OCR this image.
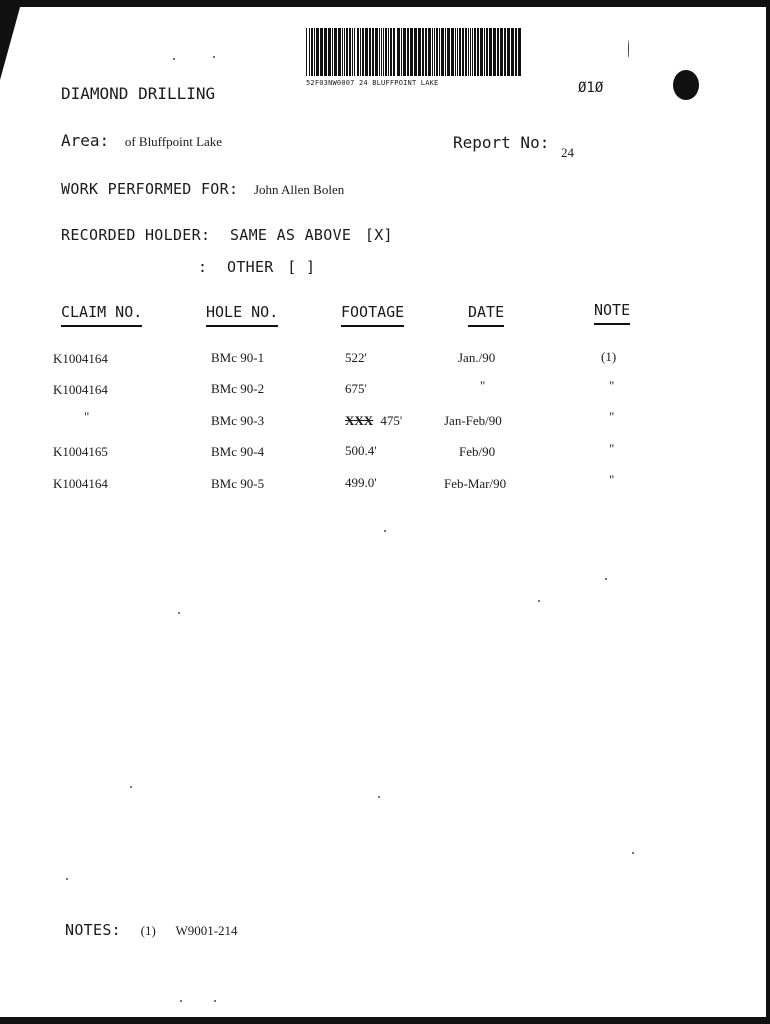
52F03NW0007 24 BLUFFPOINT LAKE	Ø1Ø
DIAMOND DRILLING
Area: of Bluffpoint Lake	Report No: $_{24}$
WORK PERFORMED FOR: John Allen Bolen
RECORDED HOLDER: SAME AS ABOVE [X]
: OTHER [ ]
CLAIM NO.	HOLE NO.	FOOTAGE	DATE	NOTE
K1004164	BMc 90-1	522'	Jan./90	(1)
K1004164	BMc 90-2	675'	"	"
"	BMc 90-3	XXX 475'	Jan-Feb/90	"
K1004165	BMc 90-4	500.4'	Feb/90	"
K1004164	BMc 90-5	499.0'	Feb-Mar/90	"
NOTES: (1) W9001-214
